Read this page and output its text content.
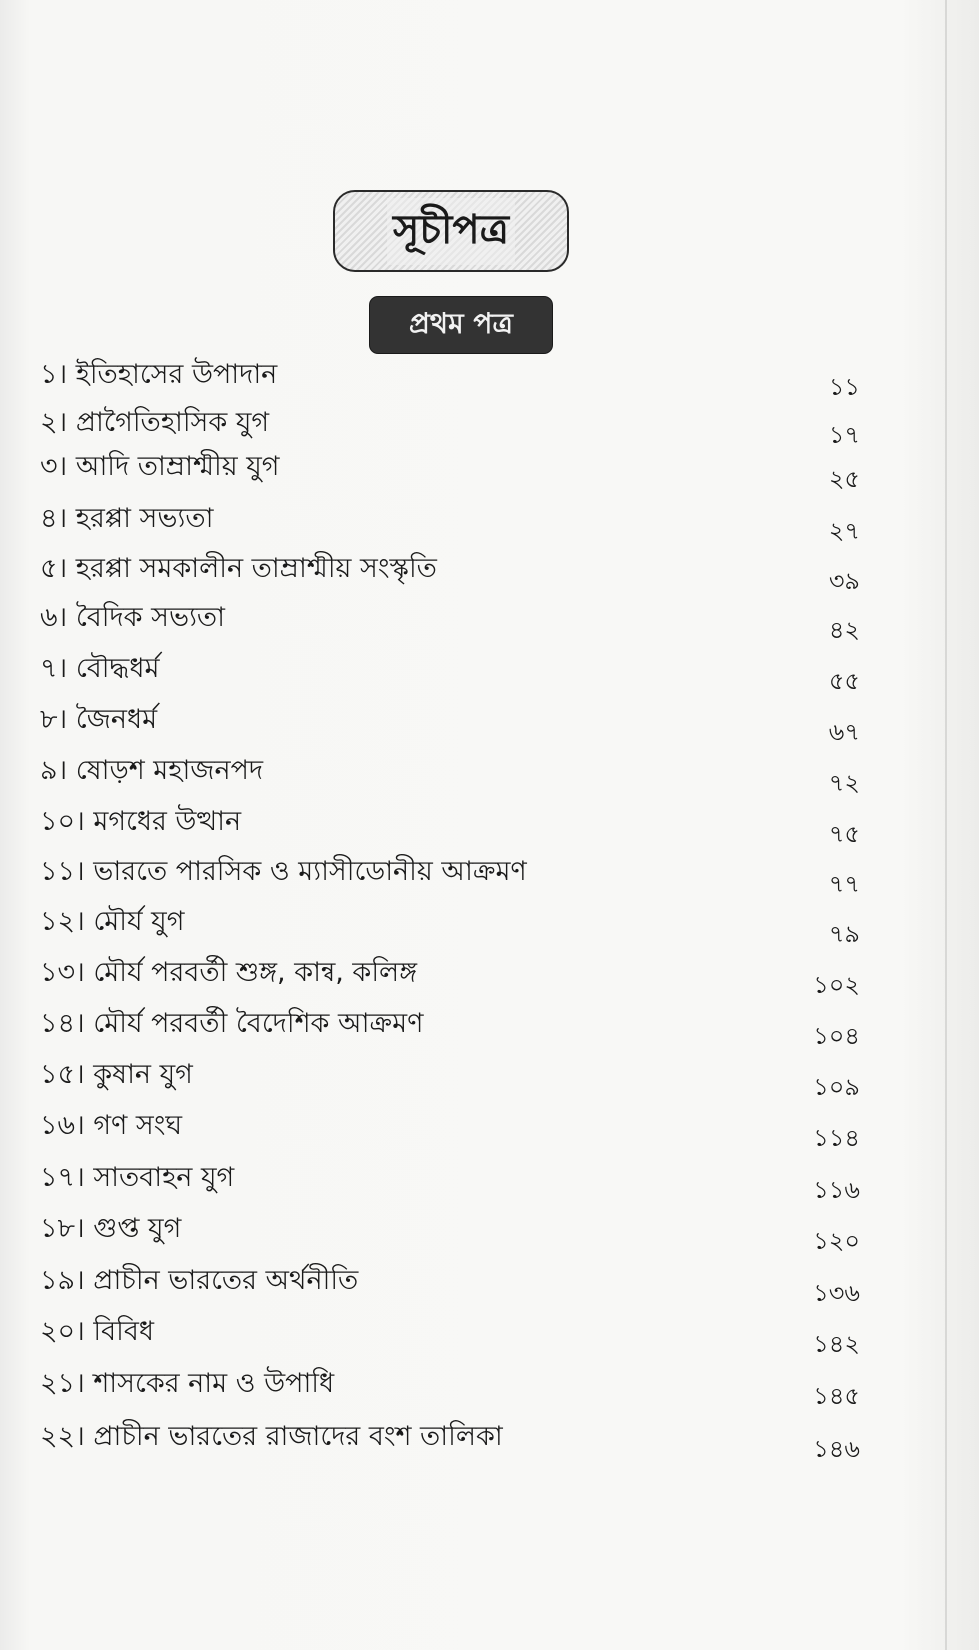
সূচীপত্র
প্রথম পত্র
১। ইতিহাসের উপাদান	১১
২। প্রাগৈতিহাসিক যুগ	১৭
৩। আদি তাম্রাশ্মীয় যুগ	২৫
৪। হরপ্পা সভ্যতা	২৭
৫। হরপ্পা সমকালীন তাম্রাশ্মীয় সংস্কৃতি	৩৯
৬। বৈদিক সভ্যতা	৪২
৭। বৌদ্ধধর্ম	৫৫
৮। জৈনধর্ম	৬৭
৯। ষোড়শ মহাজনপদ	৭২
১০। মগধের উত্থান	৭৫
১১। ভারতে পারসিক ও ম্যাসীডোনীয় আক্রমণ	৭৭
১২। মৌর্য যুগ	৭৯
১৩। মৌর্য পরবর্তী শুঙ্গ, কান্ব, কলিঙ্গ	১০২
১৪। মৌর্য পরবর্তী বৈদেশিক আক্রমণ	১০৪
১৫। কুষান যুগ	১০৯
১৬। গণ সংঘ	১১৪
১৭। সাতবাহন যুগ	১১৬
১৮। গুপ্ত যুগ	১২০
১৯। প্রাচীন ভারতের অর্থনীতি	১৩৬
২০। বিবিধ	১৪২
২১। শাসকের নাম ও উপাধি	১৪৫
২২। প্রাচীন ভারতের রাজাদের বংশ তালিকা	১৪৬
